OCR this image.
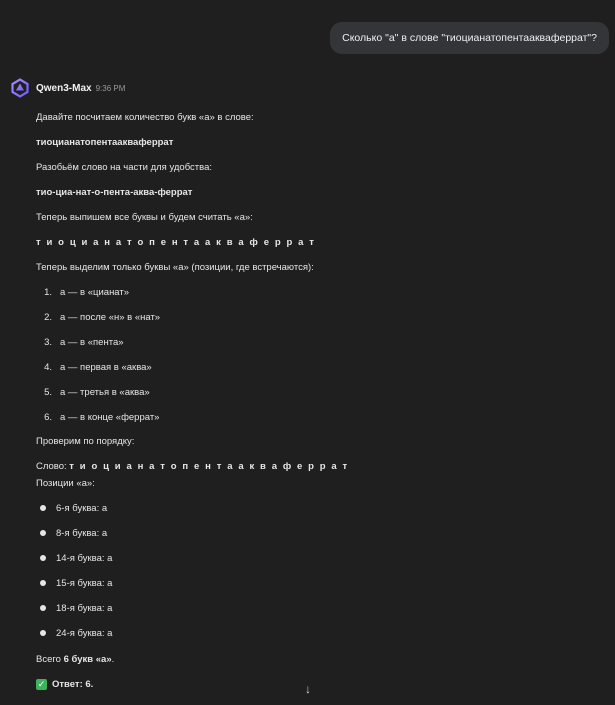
Сколько "а" в слове "тиоцианатопентаакваферрат"?
Qwen3-Max 9:36 PM
Давайте посчитаем количество букв «а» в слове:
тиоцианатопентаакваферрат
Разобьём слово на части для удобства:
тио-циа-нат-о-пента-аква-феррат
Теперь выпишем все буквы и будем считать «а»:
т и о ц и а н а т о п е н т а а к в а ф е р р а т
Теперь выделим только буквы «а» (позиции, где встречаются):
1. а — в «цианат»
2. а — после «н» в «нат»
3. а — в «пента»
4. а — первая в «аква»
5. а — третья в «аква»
6. а — в конце «феррат»
Проверим по порядку:
Слово: т и о ц и а н а т о п е н т а а к в а ф е р р а т
Позиции «а»:
6-я буква: а
8-я буква: а
14-я буква: а
15-я буква: а
18-я буква: а
24-я буква: а
Всего 6 букв «а».
✓ Ответ: 6.	↓
